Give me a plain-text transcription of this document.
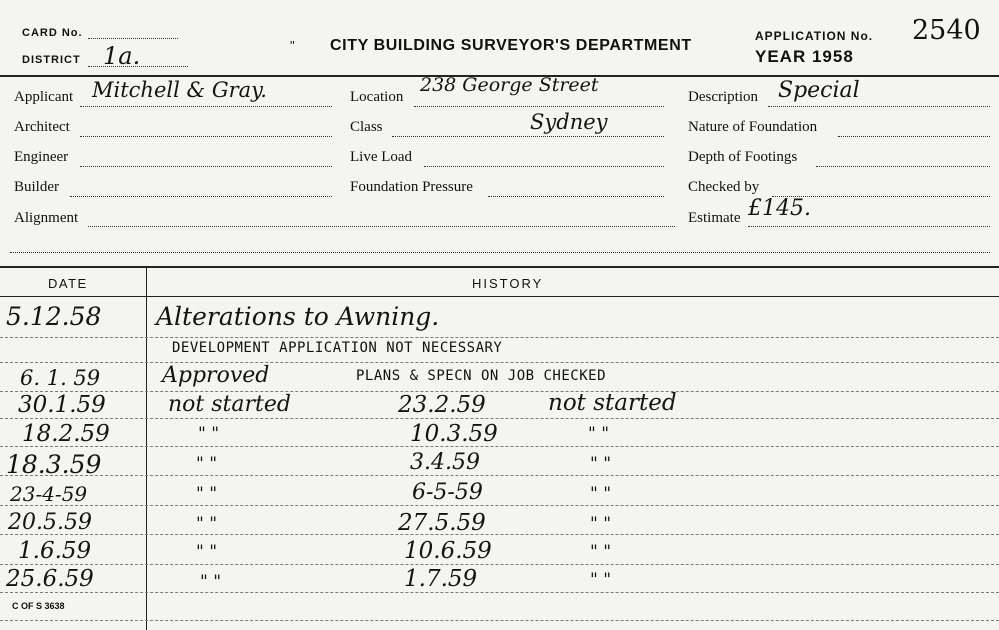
CARD No.
DISTRICT 1a.	" CITY BUILDING SURVEYOR'S DEPARTMENT
APPLICATION No. 2540
YEAR 1958
Applicant Mitchell & Gray.
Architect
Engineer
Builder
Alignment
Location
238 George Street
Class	Sydney
Live Load
Foundation Pressure
Description Special
Nature of Foundation
Depth of Footings
Checked by
Estimate £145.
DATE	HISTORY
5.12.58 Alterations to Awning.
DEVELOPMENT APPLICATION NOT NECESSARY
6. 1. 59	Approved	PLANS & SPECN ON JOB CHECKED
30.1.59	not started	23.2.59	not started
18.2.59	" "	10.3.59	" "
18.3.59	" "	3.4.59	" "
23-4-59	" "	6-5-59	" "
20.5.59	" "	27.5.59	" "
1.6.59	" "	10.6.59	" "
25.6.59	" "	1.7.59	" "
C OF S 3638
